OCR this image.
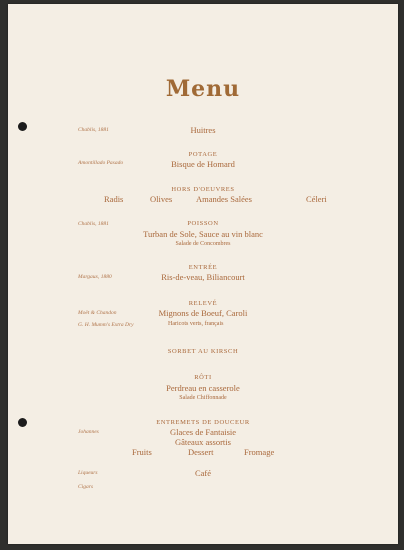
Menu
Chablis, 1881	Huitres
POTAGE
Amontillado Pasado	Bisque de Homard
HORS D'OEUVRES
Radis	Olives	Amandes Salées	Céleri
Chablis, 1881	POISSON
Turban de Sole, Sauce au vin blanc
Salade de Concombres
ENTRÉE
Margaux, 1880	Ris-de-veau, Biliancourt
RELEVÉ
Moët & Chandon	Mignons de Boeuf, Caroli
G. H. Mumm's Extra Dry	Haricots verts, français
SORBET AU KIRSCH
RÔTI
Perdreau en casserole
Salade Chiffonnade
ENTREMETS DE DOUCEUR
Johannes	Glaces de Fantaisie
Gâteaux assortis
Fruits	Dessert	Fromage
Liqueurs	Café
Cigars
